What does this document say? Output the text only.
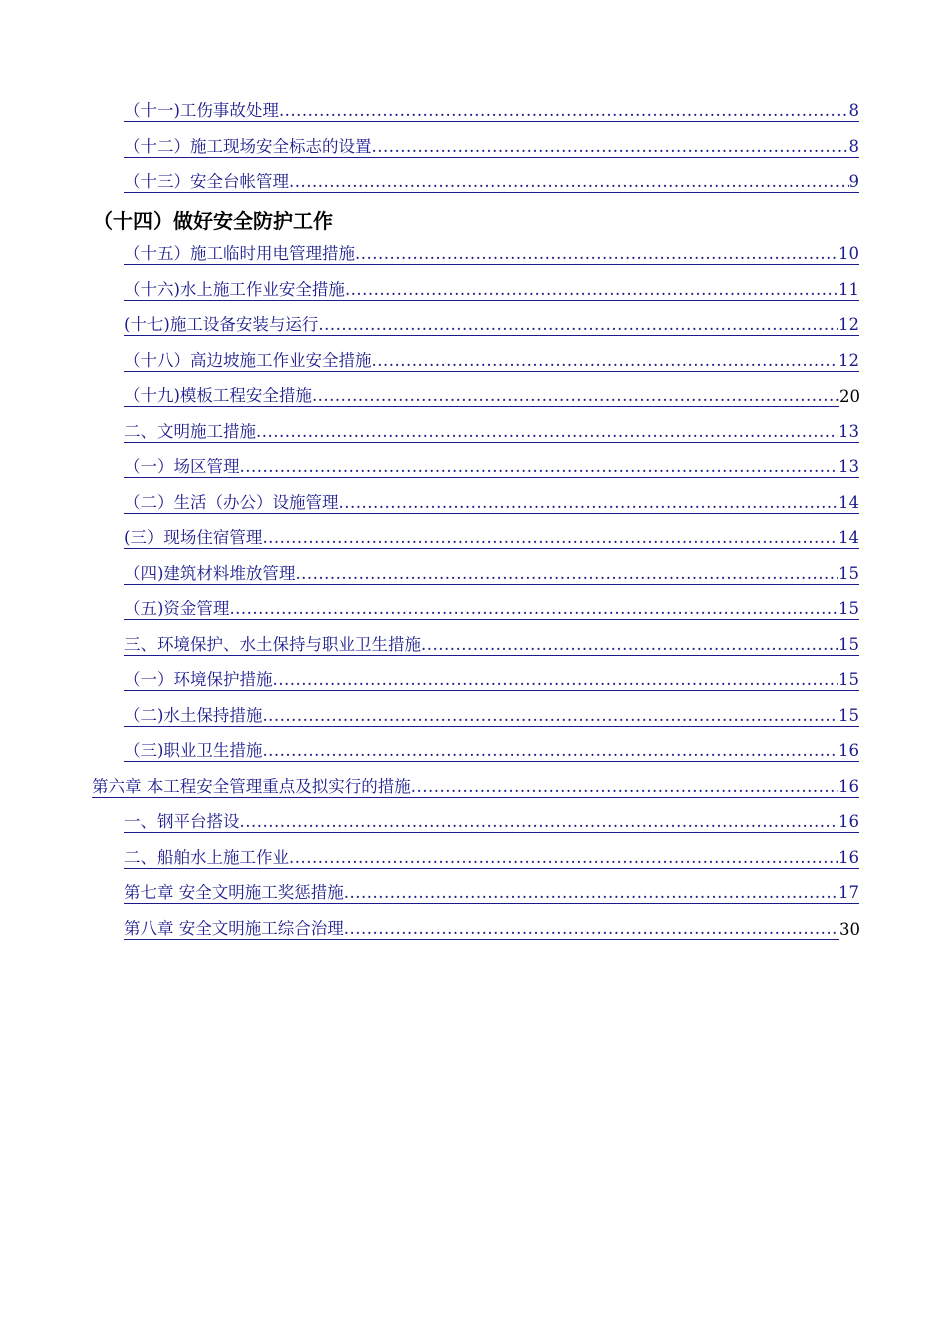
（十一)工伤事故处理 .....	8
（十二）施工现场安全标志的设置 .....	8
（十三）安全台帐管理 .....	9
（十四）做好安全防护工作
（十五）施工临时用电管理措施 .....	10
（十六)水上施工作业安全措施 .....	11
(十七)施工设备安装与运行 .....	12
（十八）高边坡施工作业安全措施 .....	12
（十九)模板工程安全措施 .....	20
二、文明施工措施 .....	13
（一）场区管理 .....	13
（二）生活（办公）设施管理 .....	14
(三）现场住宿管理 .....	14
（四)建筑材料堆放管理 .....	15
（五)资金管理 .....	15
三、环境保护、水土保持与职业卫生措施 .....	15
（一）环境保护措施 .....	15
（二)水土保持措施 .....	15
（三)职业卫生措施 .....	16
第六章 本工程安全管理重点及拟实行的措施 .....	16
一、钢平台搭设 .....	16
二、船舶水上施工作业 .....	16
第七章 安全文明施工奖惩措施 .....	17
第八章 安全文明施工综合治理 .....	30
